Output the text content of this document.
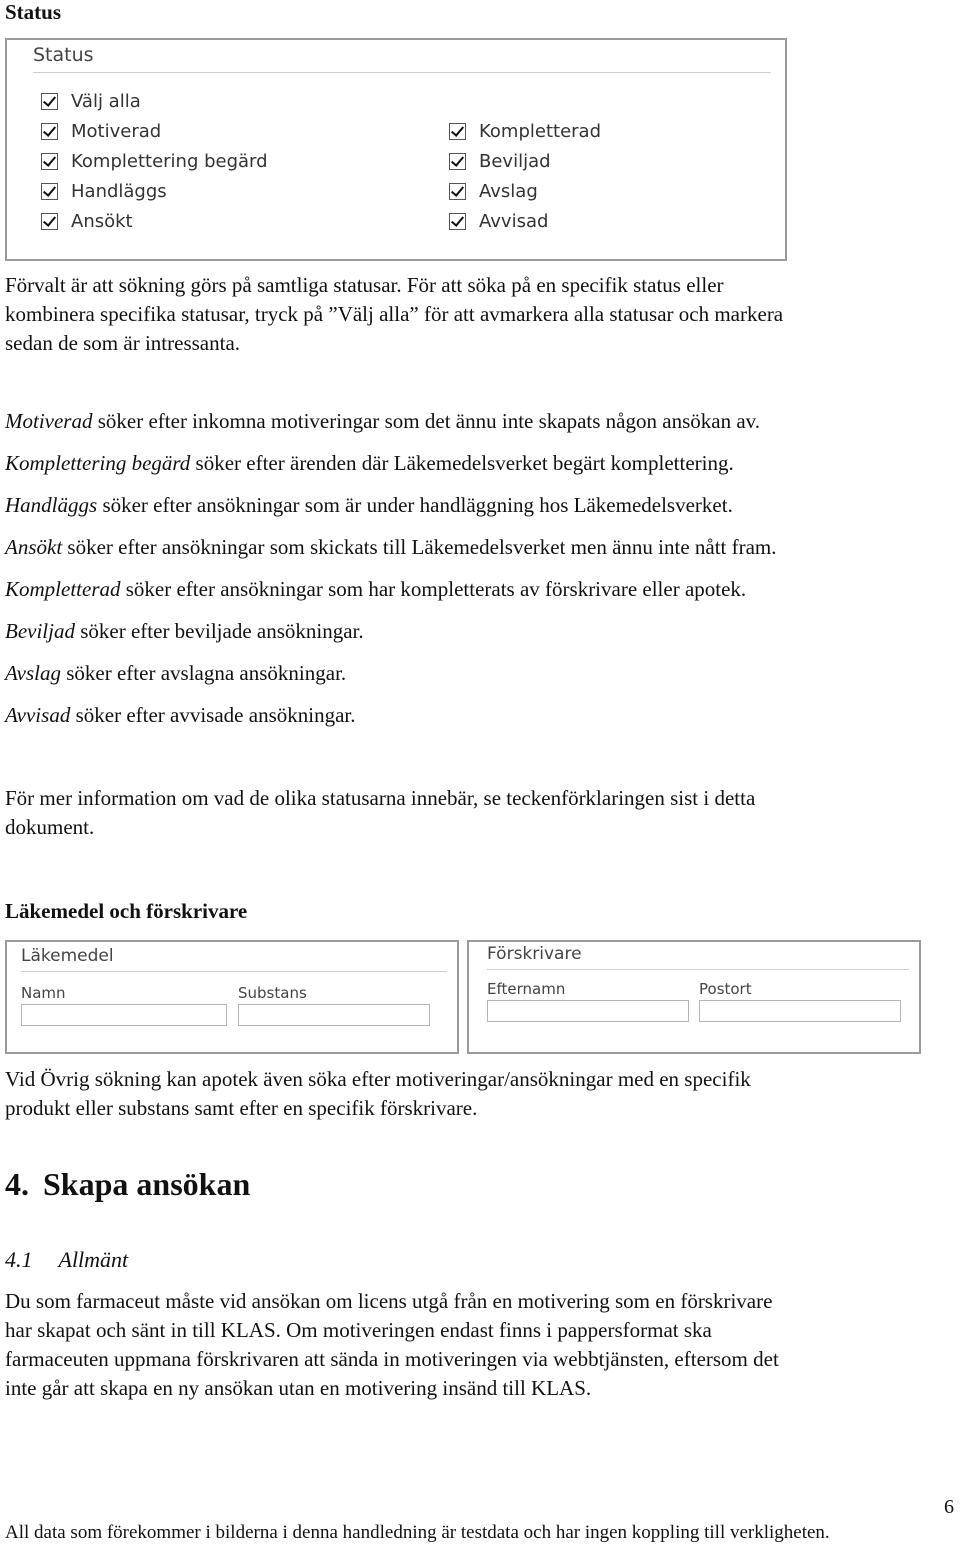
Status
Status
Välj alla
Motiverad
Komplettering begärd
Handläggs
Ansökt
Kompletterad
Beviljad
Avslag
Avvisad
Förvalt är att sökning görs på samtliga statusar. För att söka på en specifik status eller
kombinera specifika statusar, tryck på ”Välj alla” för att avmarkera alla statusar och markera
sedan de som är intressanta.
Motiverad söker efter inkomna motiveringar som det ännu inte skapats någon ansökan av.
Komplettering begärd söker efter ärenden där Läkemedelsverket begärt komplettering.
Handläggs söker efter ansökningar som är under handläggning hos Läkemedelsverket.
Ansökt söker efter ansökningar som skickats till Läkemedelsverket men ännu inte nått fram.
Kompletterad söker efter ansökningar som har kompletterats av förskrivare eller apotek.
Beviljad söker efter beviljade ansökningar.
Avslag söker efter avslagna ansökningar.
Avvisad söker efter avvisade ansökningar.
För mer information om vad de olika statusarna innebär, se teckenförklaringen sist i detta
dokument.
Läkemedel och förskrivare
Läkemedel
Namn	Substans
Förskrivare
Efternamn	Postort
Vid Övrig sökning kan apotek även söka efter motiveringar/ansökningar med en specifik
produkt eller substans samt efter en specifik förskrivare.
4. Skapa ansökan
4.1 Allmänt
Du som farmaceut måste vid ansökan om licens utgå från en motivering som en förskrivare
har skapat och sänt in till KLAS. Om motiveringen endast finns i pappersformat ska
farmaceuten uppmana förskrivaren att sända in motiveringen via webbtjänsten, eftersom det
inte går att skapa en ny ansökan utan en motivering insänd till KLAS.
6
All data som förekommer i bilderna i denna handledning är testdata och har ingen koppling till verkligheten.
